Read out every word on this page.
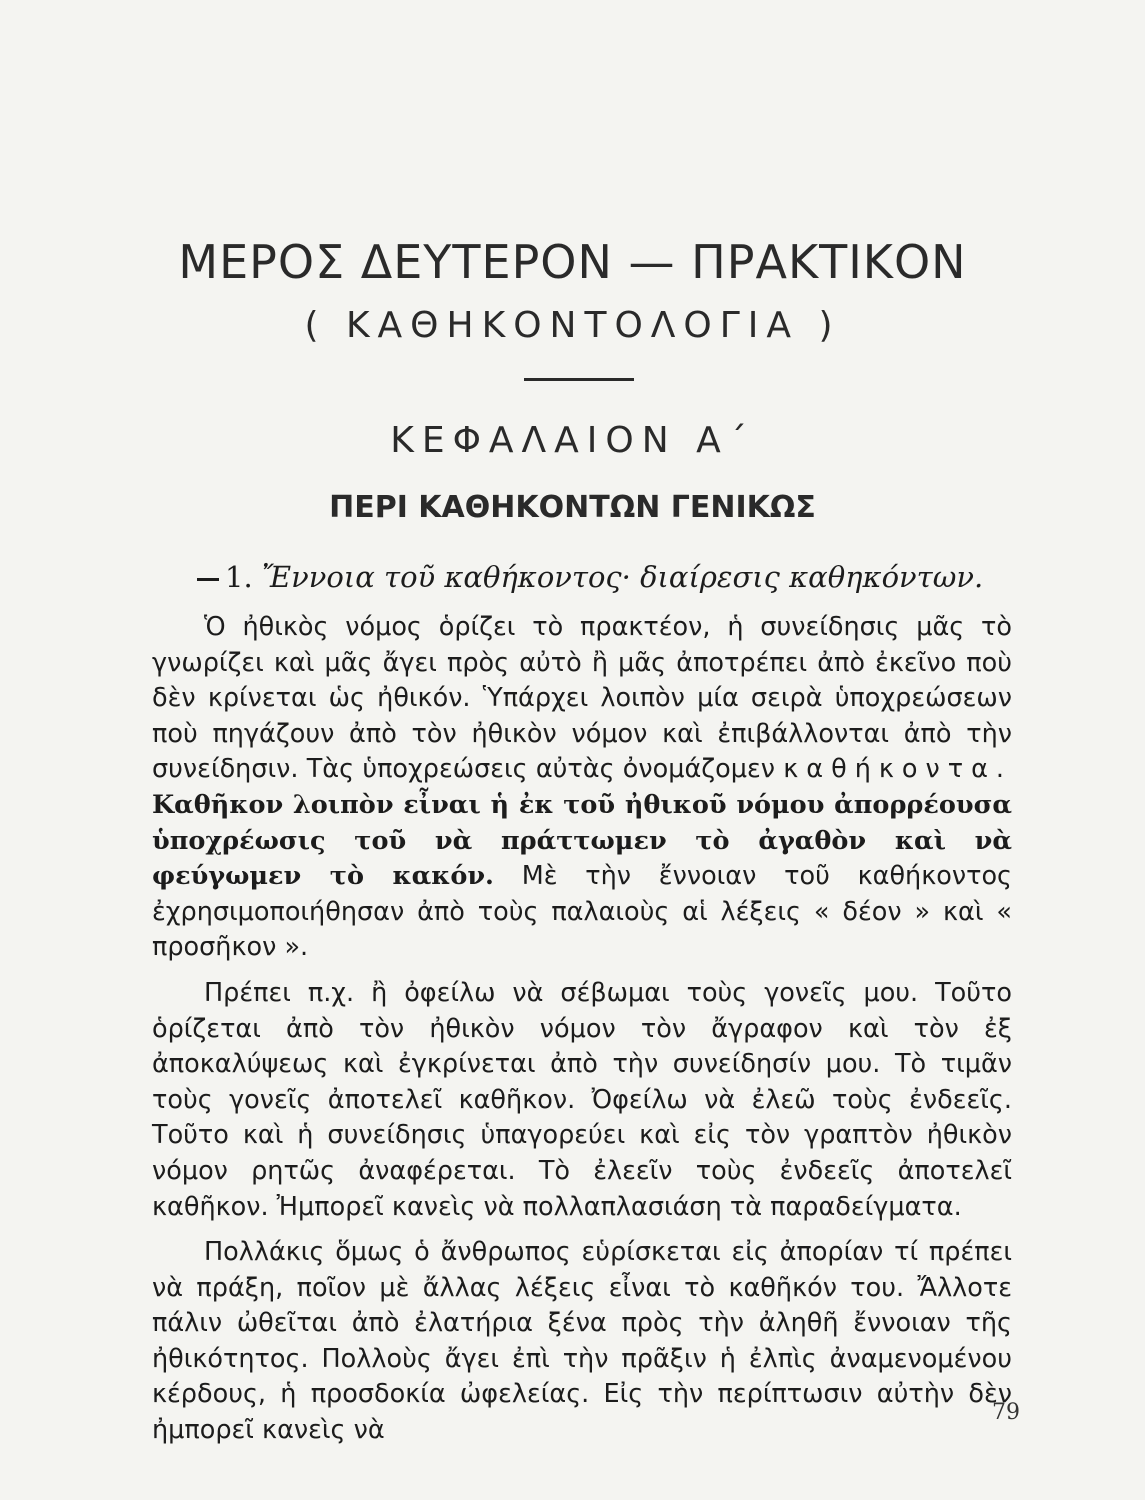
ΜΕΡΟΣ ΔΕΥΤΕΡΟΝ — ΠΡΑΚΤΙΚΟΝ
( ΚΑΘΗΚΟΝΤΟΛΟΓΙΑ )
ΚΕΦΑΛΑΙΟΝ Α΄
ΠΕΡΙ ΚΑΘΗΚΟΝΤΩΝ ΓΕΝΙΚΩΣ
1. Ἔννοια τοῦ καθήκοντος· διαίρεσις καθηκόντων.

Ὁ ἠθικὸς νόμος ὁρίζει τὸ πρακτέον, ἡ συνείδησις μᾶς τὸ γνωρίζει καὶ μᾶς ἄγει πρὸς αὐτὸ ἢ μᾶς ἀποτρέπει ἀπὸ ἐκεῖνο ποὺ δὲν κρίνεται ὡς ἠθικόν. Ὑπάρχει λοιπὸν μία σειρὰ ὑποχρεώσεων ποὺ πηγάζουν ἀπὸ τὸν ἠθικὸν νόμον καὶ ἐπιβάλλονται ἀπὸ τὴν συνείδησιν. Τὰς ὑποχρεώσεις αὐτὰς ὀνομάζομεν καθήκοντα. Καθῆκον λοιπὸν εἶναι ἡ ἐκ τοῦ ἠθικοῦ νόμου ἀπορρέουσα ὑποχρέωσις τοῦ νὰ πράττωμεν τὸ ἀγαθὸν καὶ νὰ φεύγωμεν τὸ κακόν. Μὲ τὴν ἔννοιαν τοῦ καθήκοντος ἐχρησιμοποιήθησαν ἀπὸ τοὺς παλαιοὺς αἱ λέξεις « δέον » καὶ « προσῆκον ».

Πρέπει π.χ. ἢ ὀφείλω νὰ σέβωμαι τοὺς γονεῖς μου. Τοῦτο ὁρίζεται ἀπὸ τὸν ἠθικὸν νόμον τὸν ἄγραφον καὶ τὸν ἐξ ἀποκαλύψεως καὶ ἐγκρίνεται ἀπὸ τὴν συνείδησίν μου. Τὸ τιμᾶν τοὺς γονεῖς ἀποτελεῖ καθῆκον. Ὀφείλω νὰ ἐλεῶ τοὺς ἐνδεεῖς. Τοῦτο καὶ ἡ συνείδησις ὑπαγορεύει καὶ εἰς τὸν γραπτὸν ἠθικὸν νόμον ρητῶς ἀναφέρεται. Τὸ ἐλεεῖν τοὺς ἐνδεεῖς ἀποτελεῖ καθῆκον. Ἠμπορεῖ κανεὶς νὰ πολλαπλασιάση τὰ παραδείγματα.

Πολλάκις ὅμως ὁ ἄνθρωπος εὑρίσκεται εἰς ἀπορίαν τί πρέπει νὰ πράξη, ποῖον μὲ ἄλλας λέξεις εἶναι τὸ καθῆκόν του. Ἄλλοτε πάλιν ὠθεῖται ἀπὸ ἐλατήρια ξένα πρὸς τὴν ἀληθῆ ἔννοιαν τῆς ἠθικότητος. Πολλοὺς ἄγει ἐπὶ τὴν πρᾶξιν ἡ ἐλπὶς ἀναμενομένου κέρδους, ἡ προσδοκία ὠφελείας. Εἰς τὴν περίπτωσιν αὐτὴν δὲν ἠμπορεῖ κανεὶς νὰ

79
